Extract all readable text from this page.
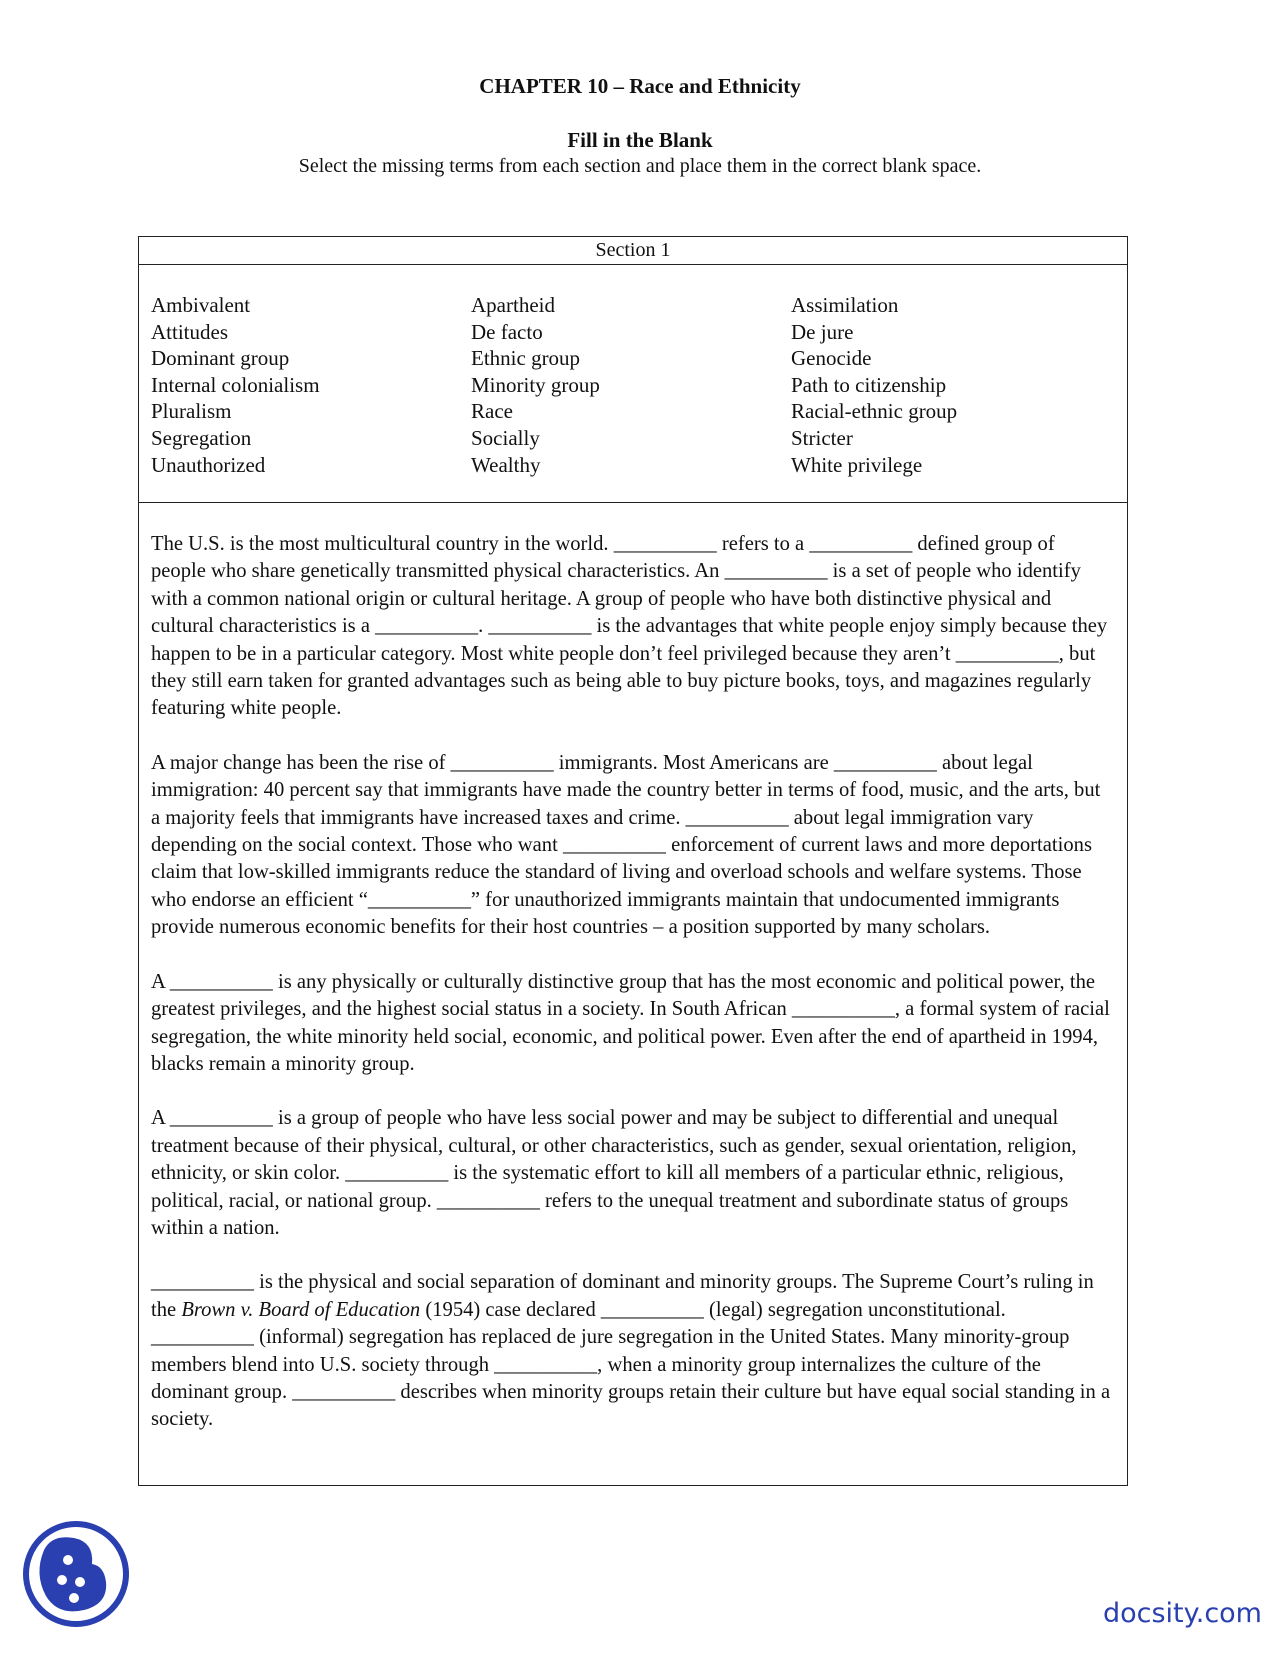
CHAPTER 10 – Race and Ethnicity
Fill in the Blank
Select the missing terms from each section and place them in the correct blank space.
Section 1
Ambivalent
Attitudes
Dominant group
Internal colonialism
Pluralism
Segregation
Unauthorized
Apartheid
De facto
Ethnic group
Minority group
Race
Socially
Wealthy
Assimilation
De jure
Genocide
Path to citizenship
Racial-ethnic group
Stricter
White privilege

The U.S. is the most multicultural country in the world. __________ refers to a __________ defined group of people who share genetically transmitted physical characteristics. An __________ is a set of people who identify with a common national origin or cultural heritage. A group of people who have both distinctive physical and cultural characteristics is a __________. __________ is the advantages that white people enjoy simply because they happen to be in a particular category. Most white people don’t feel privileged because they aren’t __________, but they still earn taken for granted advantages such as being able to buy picture books, toys, and magazines regularly featuring white people.

A major change has been the rise of __________ immigrants. Most Americans are __________ about legal immigration: 40 percent say that immigrants have made the country better in terms of food, music, and the arts, but a majority feels that immigrants have increased taxes and crime. __________ about legal immigration vary depending on the social context. Those who want __________ enforcement of current laws and more deportations claim that low-skilled immigrants reduce the standard of living and overload schools and welfare systems. Those who endorse an efficient “__________” for unauthorized immigrants maintain that undocumented immigrants provide numerous economic benefits for their host countries – a position supported by many scholars.

A __________ is any physically or culturally distinctive group that has the most economic and political power, the greatest privileges, and the highest social status in a society. In South African __________, a formal system of racial segregation, the white minority held social, economic, and political power. Even after the end of apartheid in 1994, blacks remain a minority group.

A __________ is a group of people who have less social power and may be subject to differential and unequal treatment because of their physical, cultural, or other characteristics, such as gender, sexual orientation, religion, ethnicity, or skin color. __________ is the systematic effort to kill all members of a particular ethnic, religious, political, racial, or national group. __________ refers to the unequal treatment and subordinate status of groups within a nation.

__________ is the physical and social separation of dominant and minority groups. The Supreme Court’s ruling in the Brown v. Board of Education (1954) case declared __________ (legal) segregation unconstitutional. __________ (informal) segregation has replaced de jure segregation in the United States. Many minority-group members blend into U.S. society through __________, when a minority group internalizes the culture of the dominant group. __________ describes when minority groups retain their culture but have equal social standing in a society.

docsity.com
